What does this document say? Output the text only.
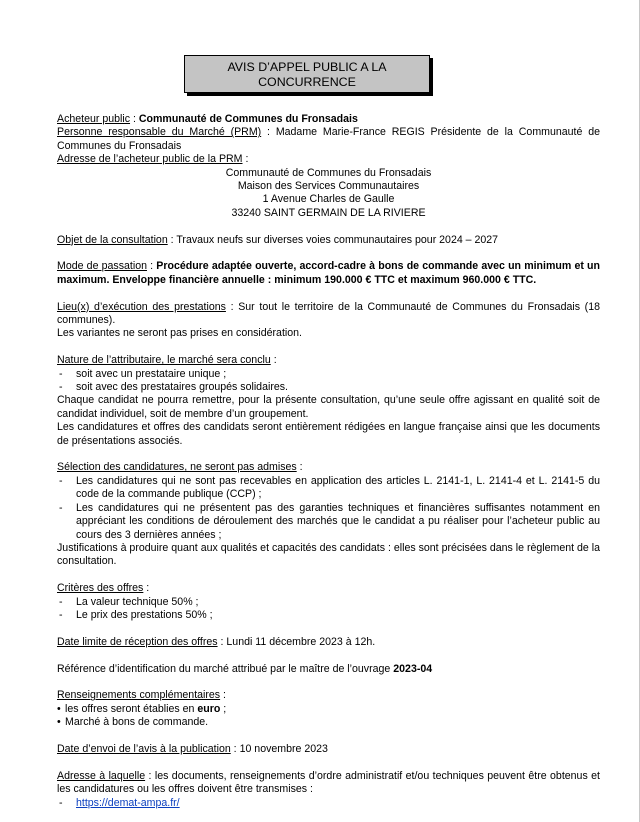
AVIS D’APPEL PUBLIC A LA
CONCURRENCE

Acheteur public : Communauté de Communes du Fronsadais

Personne responsable du Marché (PRM) : Madame Marie-France REGIS Présidente de la Communauté de Communes du Fronsadais

Adresse de l’acheteur public de la PRM :

Communauté de Communes du Fronsadais
Maison des Services Communautaires
1 Avenue Charles de Gaulle
33240 SAINT GERMAIN DE LA RIVIERE

Objet de la consultation : Travaux neufs sur diverses voies communautaires pour 2024 – 2027

Mode de passation : Procédure adaptée ouverte, accord-cadre à bons de commande avec un minimum et un maximum. Enveloppe financière annuelle : minimum 190.000 € TTC et maximum 960.000 € TTC.

Lieu(x) d’exécution des prestations : Sur tout le territoire de la Communauté de Communes du Fronsadais (18 communes).

Les variantes ne seront pas prises en considération.

Nature de l’attributaire, le marché sera conclu :

- soit avec un prestataire unique ;
- soit avec des prestataires groupés solidaires.

Chaque candidat ne pourra remettre, pour la présente consultation, qu’une seule offre agissant en qualité soit de candidat individuel, soit de membre d’un groupement.

Les candidatures et offres des candidats seront entièrement rédigées en langue française ainsi que les documents de présentations associés.

Sélection des candidatures, ne seront pas admises :

- Les candidatures qui ne sont pas recevables en application des articles L. 2141-1, L. 2141-4 et L. 2141-5 du code de la commande publique (CCP) ;
- Les candidatures qui ne présentent pas des garanties techniques et financières suffisantes notamment en appréciant les conditions de déroulement des marchés que le candidat a pu réaliser pour l’acheteur public au cours des 3 dernières années ;

Justifications à produire quant aux qualités et capacités des candidats : elles sont précisées dans le règlement de la consultation.

Critères des offres :

- La valeur technique 50% ;
- Le prix des prestations 50% ;

Date limite de réception des offres : Lundi 11 décembre 2023 à 12h.

Référence d’identification du marché attribué par le maître de l’ouvrage 2023-04

Renseignements complémentaires :

• les offres seront établies en euro ;
• Marché à bons de commande.

Date d’envoi de l’avis à la publication : 10 novembre 2023

Adresse à laquelle : les documents, renseignements d’ordre administratif et/ou techniques peuvent être obtenus et les candidatures ou les offres doivent être transmises :

- https://demat-ampa.fr/
